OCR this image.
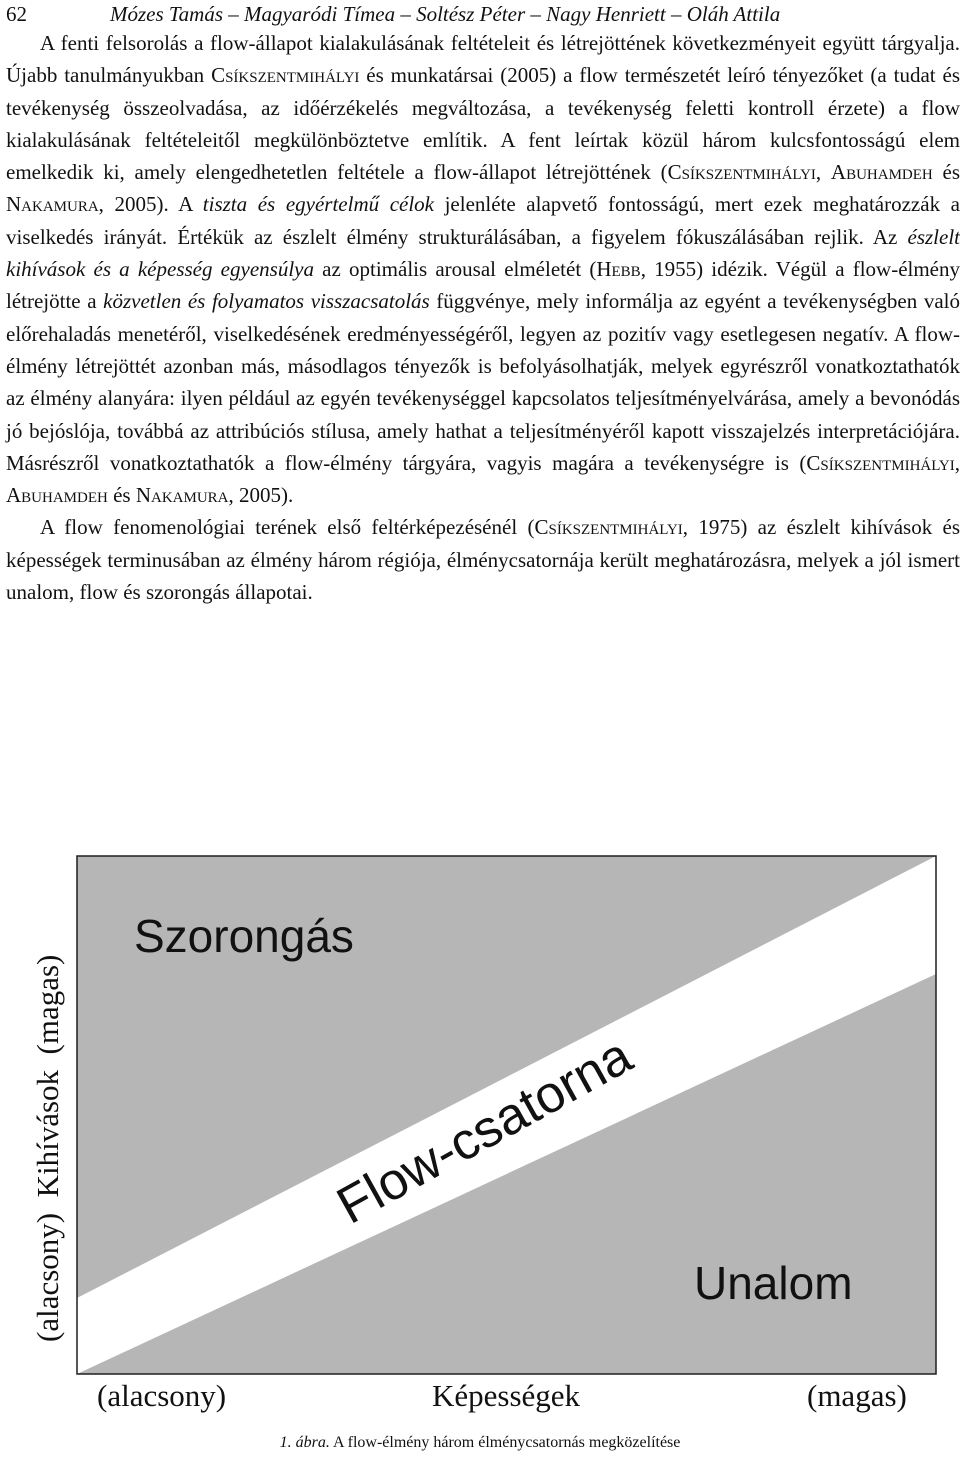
62	Mózes Tamás – Magyaródi Tímea – Soltész Péter – Nagy Henriett – Oláh Attila

A fenti felsorolás a flow-állapot kialakulásának feltételeit és létrejöttének következményeit együtt tárgyalja. Újabb tanulmányukban Csíkszentmihályi és munkatársai (2005) a flow természetét leíró tényezőket (a tudat és tevékenység összeolvadása, az időérzékelés megváltozása, a tevékenység feletti kontroll érzete) a flow kialakulásának feltételeitől megkülönböztetve említik. A fent leírtak közül három kulcsfontosságú elem emelkedik ki, amely elengedhetetlen feltétele a flow-állapot létrejöttének (Csíkszentmihályi, Abuhamdeh és Nakamura, 2005). A tiszta és egyértelmű célok jelenléte alapvető fontosságú, mert ezek meghatározzák a viselkedés irányát. Értékük az észlelt élmény strukturálásában, a figyelem fókuszálásában rejlik. Az észlelt kihívások és a képesség egyensúlya az optimális arousal elméletét (Hebb, 1955) idézik. Végül a flow-élmény létrejötte a közvetlen és folyamatos visszacsatolás függvénye, mely informálja az egyént a tevékenységben való előrehaladás menetéről, viselkedésének eredményességéről, legyen az pozitív vagy esetlegesen negatív. A flow-élmény létrejöttét azonban más, másodlagos tényezők is befolyásolhatják, melyek egyrészről vonatkoztathatók az élmény alanyára: ilyen például az egyén tevékenységgel kapcsolatos teljesítményelvárása, amely a bevonódás jó bejóslója, továbbá az attribúciós stílusa, amely hathat a teljesítményéről kapott visszajelzés interpretációjára. Másrészről vonatkoztathatók a flow-élmény tárgyára, vagyis magára a tevékenységre is (Csíkszentmihályi, Abuhamdeh és Nakamura, 2005).

A flow fenomenológiai terének első feltérképezésénél (Csíkszentmihályi, 1975) az észlelt kihívások és képességek terminusában az élmény három régiója, élménycsatornája került meghatározásra, melyek a jól ismert unalom, flow és szorongás állapotai.

Szorongás
Flow-csatorna
Unalom
(alacsony)  Kihívások  (magas)
(alacsony)	Képességek	(magas)
1. ábra. A flow-élmény három élménycsatornás megközelítése
